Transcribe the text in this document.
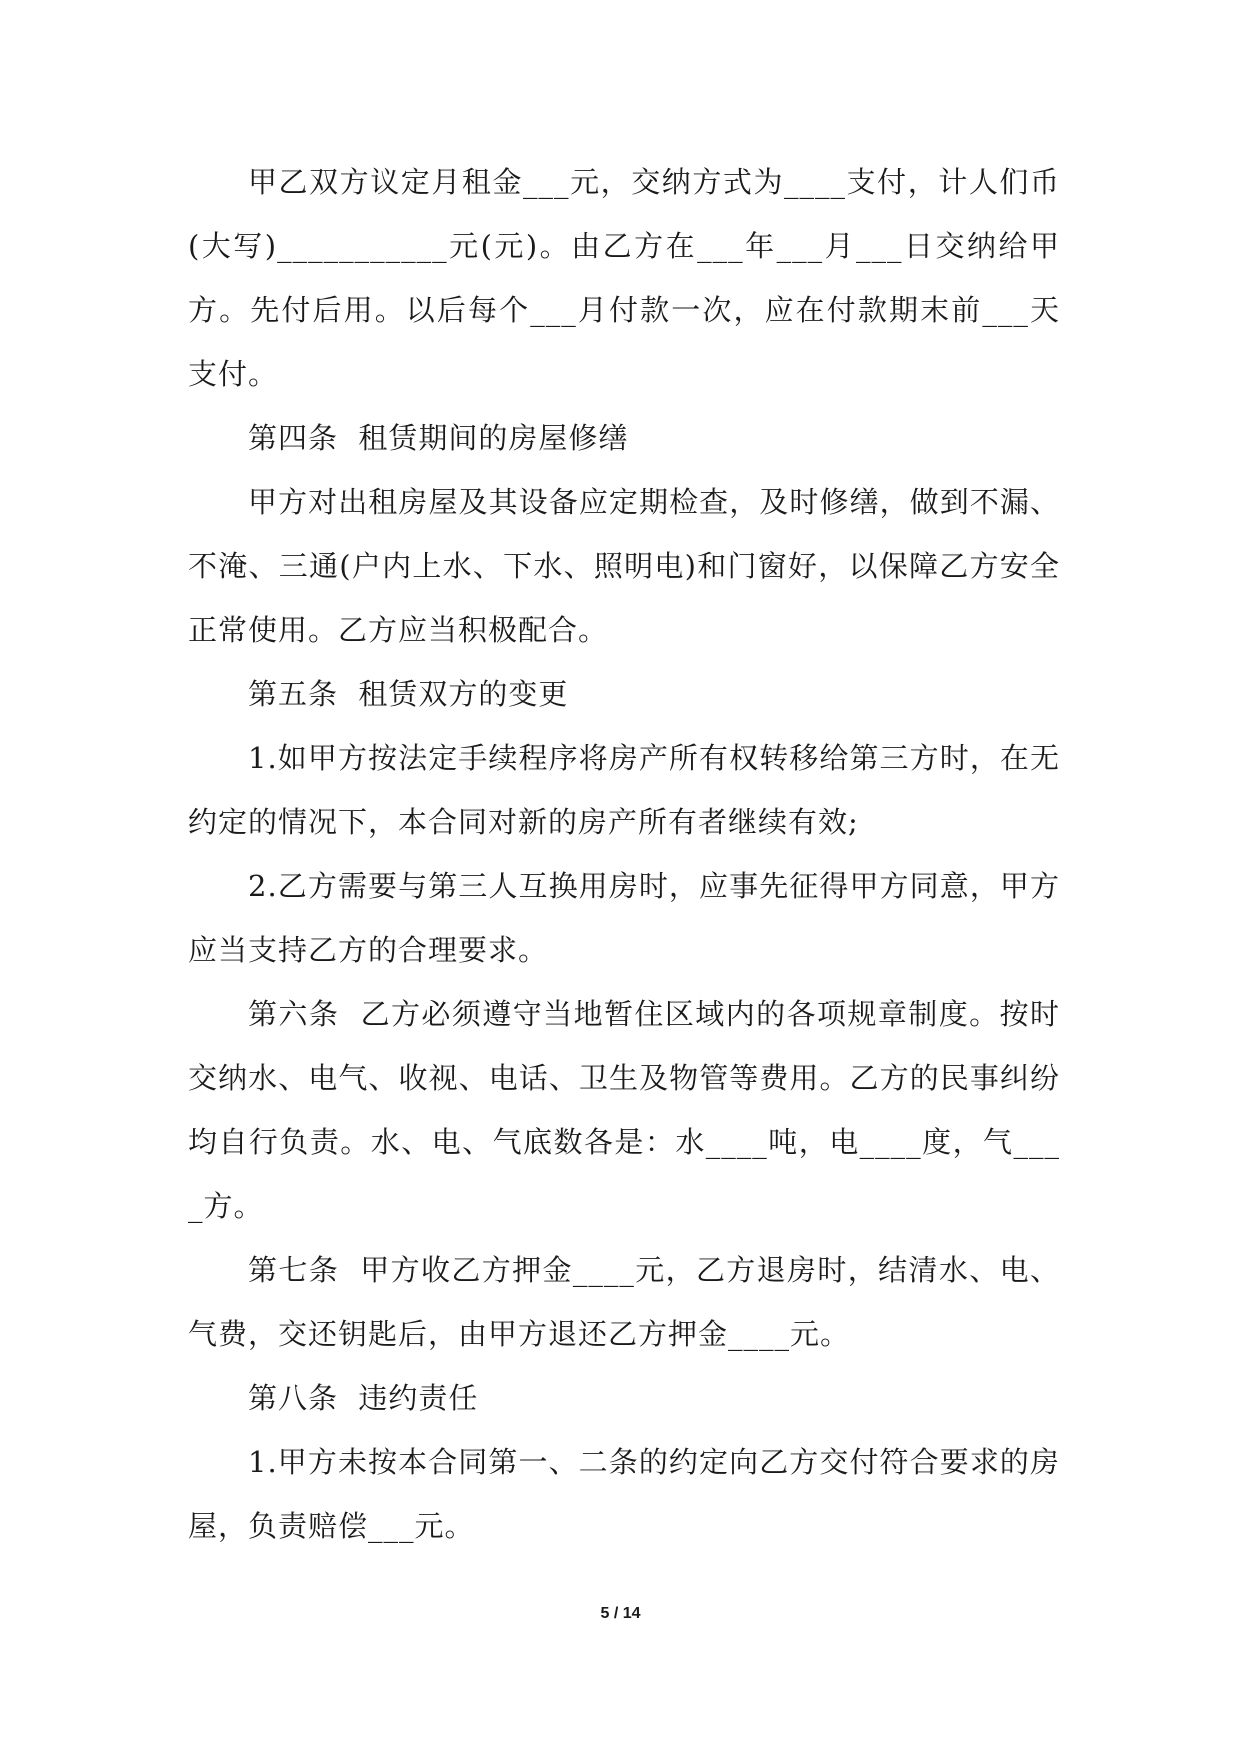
甲乙双方议定月租金___元，交纳方式为____支付，计人们币(大写)___________元(元)。由乙方在___年___月___日交纳给甲方。先付后用。以后每个___月付款一次，应在付款期末前___天支付。

第四条  租赁期间的房屋修缮

甲方对出租房屋及其设备应定期检查，及时修缮，做到不漏、不淹、三通(户内上水、下水、照明电)和门窗好，以保障乙方安全正常使用。乙方应当积极配合。

第五条  租赁双方的变更

1.如甲方按法定手续程序将房产所有权转移给第三方时，在无约定的情况下，本合同对新的房产所有者继续有效;

2.乙方需要与第三人互换用房时，应事先征得甲方同意，甲方应当支持乙方的合理要求。

第六条  乙方必须遵守当地暂住区域内的各项规章制度。按时交纳水、电气、收视、电话、卫生及物管等费用。乙方的民事纠纷均自行负责。水、电、气底数各是：水____吨，电____度，气____方。

第七条  甲方收乙方押金____元，乙方退房时，结清水、电、气费，交还钥匙后，由甲方退还乙方押金____元。

第八条  违约责任

1.甲方未按本合同第一、二条的约定向乙方交付符合要求的房屋，负责赔偿___元。

5 / 14
